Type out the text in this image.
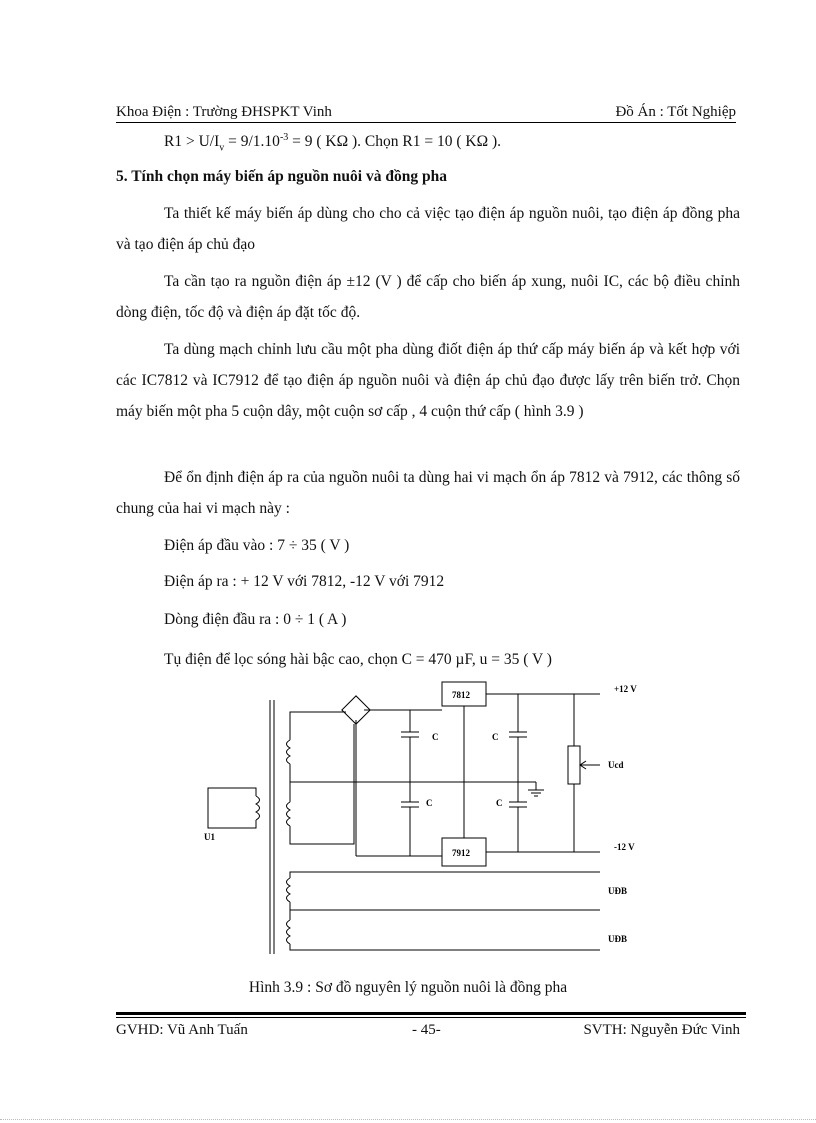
Khoa Điện : Trường ĐHSPKT Vinh	Đồ Án : Tốt Nghiệp
$R1 > U/I_v = 9/1.10^{-3} = 9$ ( KΩ ). Chọn R1 = 10 ( KΩ ).
5. Tính chọn máy biến áp nguồn nuôi và đồng pha

Ta thiết kế máy biến áp dùng cho cho cả việc tạo điện áp nguồn nuôi, tạo điện áp đồng pha và tạo điện áp chủ đạo

Ta cần tạo ra nguồn điện áp ±12 (V ) để cấp cho biến áp xung, nuôi IC, các bộ điều chỉnh dòng điện, tốc độ và điện áp đặt tốc độ.

Ta dùng mạch chỉnh lưu cầu một pha dùng điốt điện áp thứ cấp máy biến áp và kết hợp với các IC7812 và IC7912 để tạo điện áp nguồn nuôi và điện áp chủ đạo được lấy trên biến trở. Chọn máy biến một pha 5 cuộn dây, một cuộn sơ cấp , 4 cuộn thứ cấp ( hình 3.9 )

Để ổn định điện áp ra của nguồn nuôi ta dùng hai vi mạch ổn áp 7812 và 7912, các thông số chung của hai vi mạch này :

Điện áp đầu vào : 7 ÷ 35 ( V )
Điện áp ra : + 12 V với 7812, -12 V với 7912
Dòng điện đầu ra : 0 ÷ 1 ( A )
Tụ điện để lọc sóng hài bậc cao, chọn C = 470 µF, u = 35 ( V )
7812
7912
C	C
C	C
+12 V
-12 V
Ucd
U1
UĐB
UĐB
Hình 3.9 : Sơ đồ nguyên lý nguồn nuôi là đồng pha
GVHD: Vũ Anh Tuấn	- 45-	SVTH: Nguyễn Đức Vinh
